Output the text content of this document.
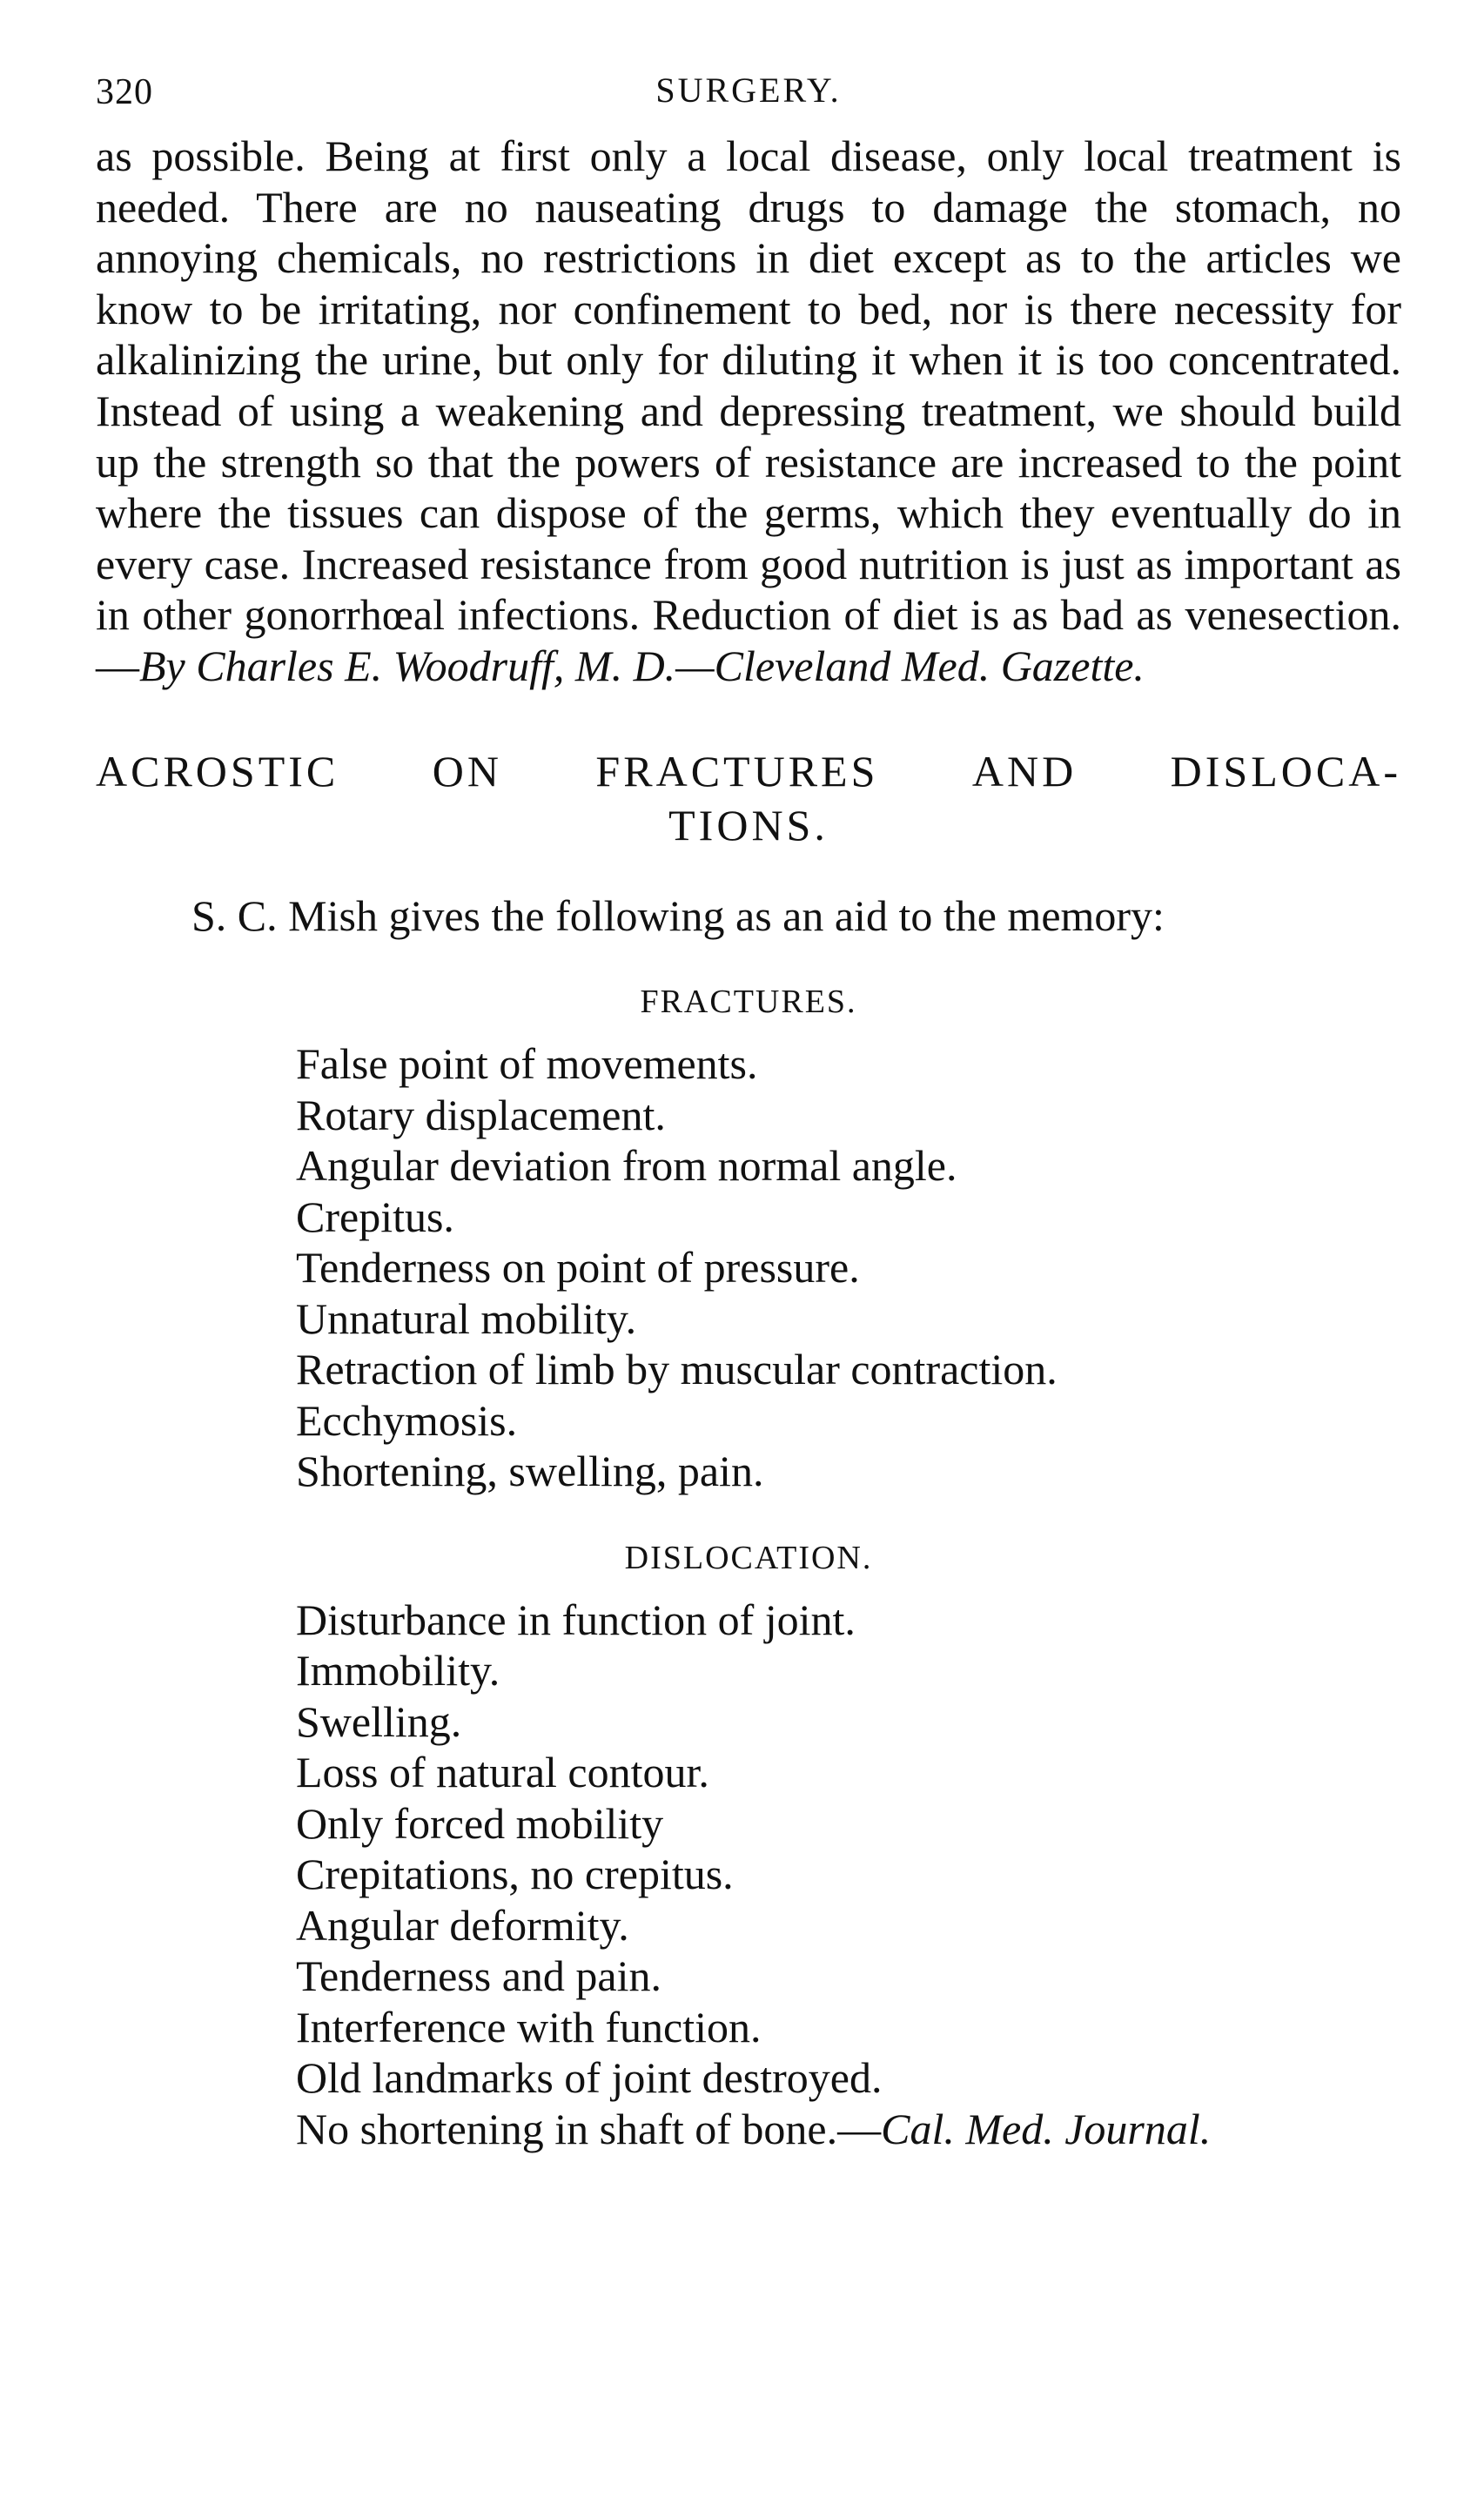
320	SURGERY.

as possible. Being at first only a local disease, only local treatment is needed. There are no nauseating drugs to damage the stomach, no annoying chemicals, no restrictions in diet except as to the articles we know to be irritating, nor confinement to bed, nor is there necessity for alkalinizing the urine, but only for diluting it when it is too concentrated. Instead of using a weakening and depressing treatment, we should build up the strength so that the powers of resistance are increased to the point where the tissues can dispose of the germs, which they eventually do in every case. Increased resistance from good nutrition is just as important as in other gonorrhœal infections. Reduction of diet is as bad as venesection.—By Charles E. Woodruff, M. D.—Cleveland Med. Gazette.

ACROSTIC ON FRACTURES AND DISLOCA-
TIONS.

S. C. Mish gives the following as an aid to the memory:

FRACTURES.
False point of movements.
Rotary displacement.
Angular deviation from normal angle.
Crepitus.
Tenderness on point of pressure.
Unnatural mobility.
Retraction of limb by muscular contraction.
Ecchymosis.
Shortening, swelling, pain.
DISLOCATION.
Disturbance in function of joint.
Immobility.
Swelling.
Loss of natural contour.
Only forced mobility
Crepitations, no crepitus.
Angular deformity.
Tenderness and pain.
Interference with function.
Old landmarks of joint destroyed.
No shortening in shaft of bone.—Cal. Med. Journal.
